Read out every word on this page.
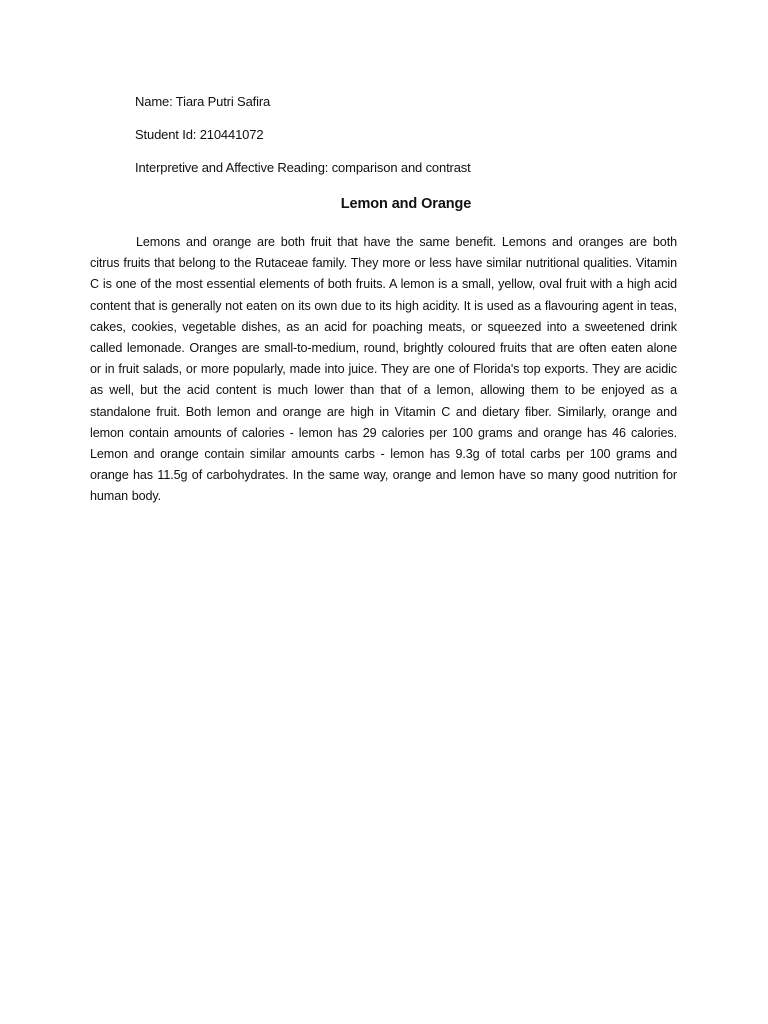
Name: Tiara Putri Safira
Student Id: 210441072
Interpretive and Affective Reading: comparison and contrast
Lemon and Orange

Lemons and orange are both fruit that have the same benefit. Lemons and oranges are both citrus fruits that belong to the Rutaceae family. They more or less have similar nutritional qualities. Vitamin C is one of the most essential elements of both fruits. A lemon is a small, yellow, oval fruit with a high acid content that is generally not eaten on its own due to its high acidity. It is used as a flavouring agent in teas, cakes, cookies, vegetable dishes, as an acid for poaching meats, or squeezed into a sweetened drink called lemonade. Oranges are small-to-medium, round, brightly coloured fruits that are often eaten alone or in fruit salads, or more popularly, made into juice. They are one of Florida's top exports. They are acidic as well, but the acid content is much lower than that of a lemon, allowing them to be enjoyed as a standalone fruit. Both lemon and orange are high in Vitamin C and dietary fiber. Similarly, orange and lemon contain amounts of calories - lemon has 29 calories per 100 grams and orange has 46 calories. Lemon and orange contain similar amounts carbs - lemon has 9.3g of total carbs per 100 grams and orange has 11.5g of carbohydrates. In the same way, orange and lemon have so many good nutrition for human body.
